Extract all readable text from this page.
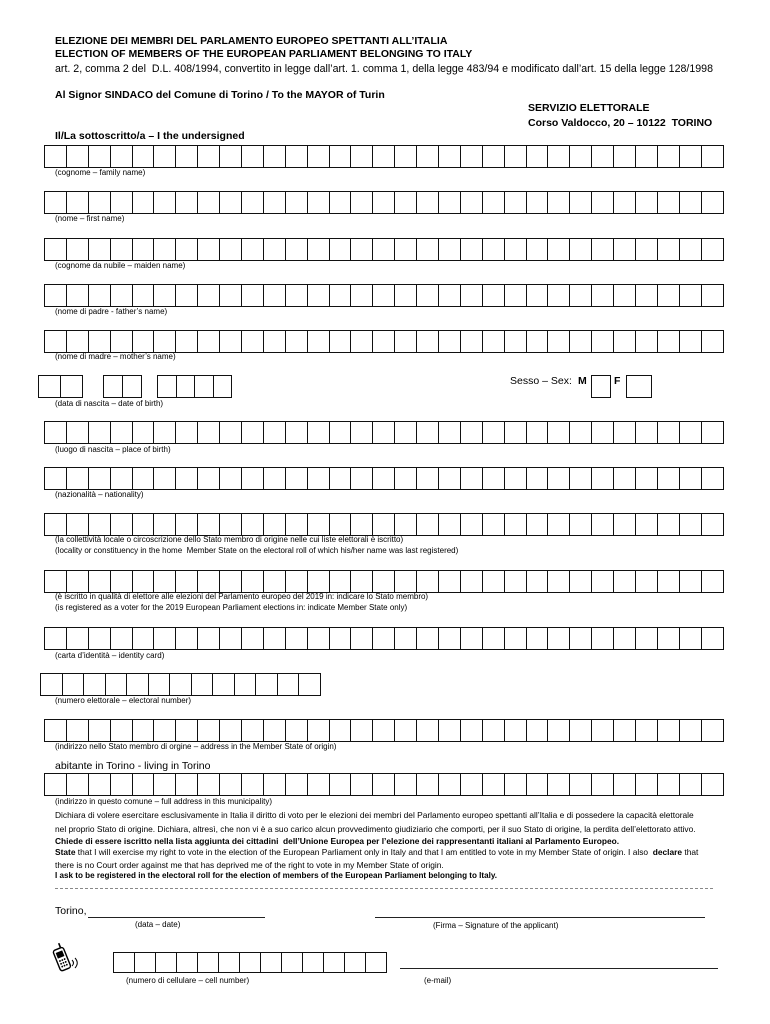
ELEZIONE DEI MEMBRI DEL PARLAMENTO EUROPEO SPETTANTI ALL’ITALIA
ELECTION OF MEMBERS OF THE EUROPEAN PARLIAMENT BELONGING TO ITALY
art. 2, comma 2 del  D.L. 408/1994, convertito in legge dall’art. 1. comma 1, della legge 483/94 e modificato dall’art. 15 della legge 128/1998
Al Signor SINDACO del Comune di Torino / To the MAYOR of Turin
SERVIZIO ELETTORALE
Corso Valdocco, 20 – 10122  TORINO
Il/La sottoscritto/a – I the undersigned
(cognome – family name)
(nome – first name)
(cognome da nubile – maiden name)
(nome di padre - father’s name)
(nome di madre – mother’s name)
Sesso – Sex: M	F
(data di nascita – date of birth)
(luogo di nascita – place of birth)
(nazionalità – nationality)
(la collettività locale o circoscrizione dello Stato membro di origine nelle cui liste elettorali è iscritto)
(locality or constituency in the home  Member State on the electoral roll of which his/her name was last registered)
(è iscritto in qualità di elettore alle elezioni del Parlamento europeo del 2019 in: indicare lo Stato membro)
(is registered as a voter for the 2019 European Parliament elections in: indicate Member State only)
(carta d’identità – identity card)
(numero elettorale – electoral number)
(indirizzo nello Stato membro di orgine – address in the Member State of origin)
abitante in Torino - living in Torino
(indirizzo in questo comune – full address in this municipality)
Dichiara di volere esercitare esclusivamente in Italia il diritto di voto per le elezioni dei membri del Parlamento europeo spettanti all’Italia e di possedere la capacità elettorale
nel proprio Stato di origine. Dichiara, altresì, che non vi è a suo carico alcun provvedimento giudiziario che comporti, per il suo Stato di origine, la perdita dell’elettorato attivo.
Chiede di essere iscritto nella lista aggiunta dei cittadini  dell’Unione Europea per l’elezione dei rappresentanti italiani al Parlamento Europeo.
State that I will exercise my right to vote in the election of the European Parliament only in Italy and that I am entitled to vote in my Member State of origin. I also  declare that
there is no Court order against me that has deprived me of the right to vote in my Member State of origin.
I ask to be registered in the electoral roll for the election of members of the European Parliament belonging to Italy.
Torino,
(data – date)	(Firma – Signature of the applicant)
(numero di cellulare – cell number)	(e-mail)
